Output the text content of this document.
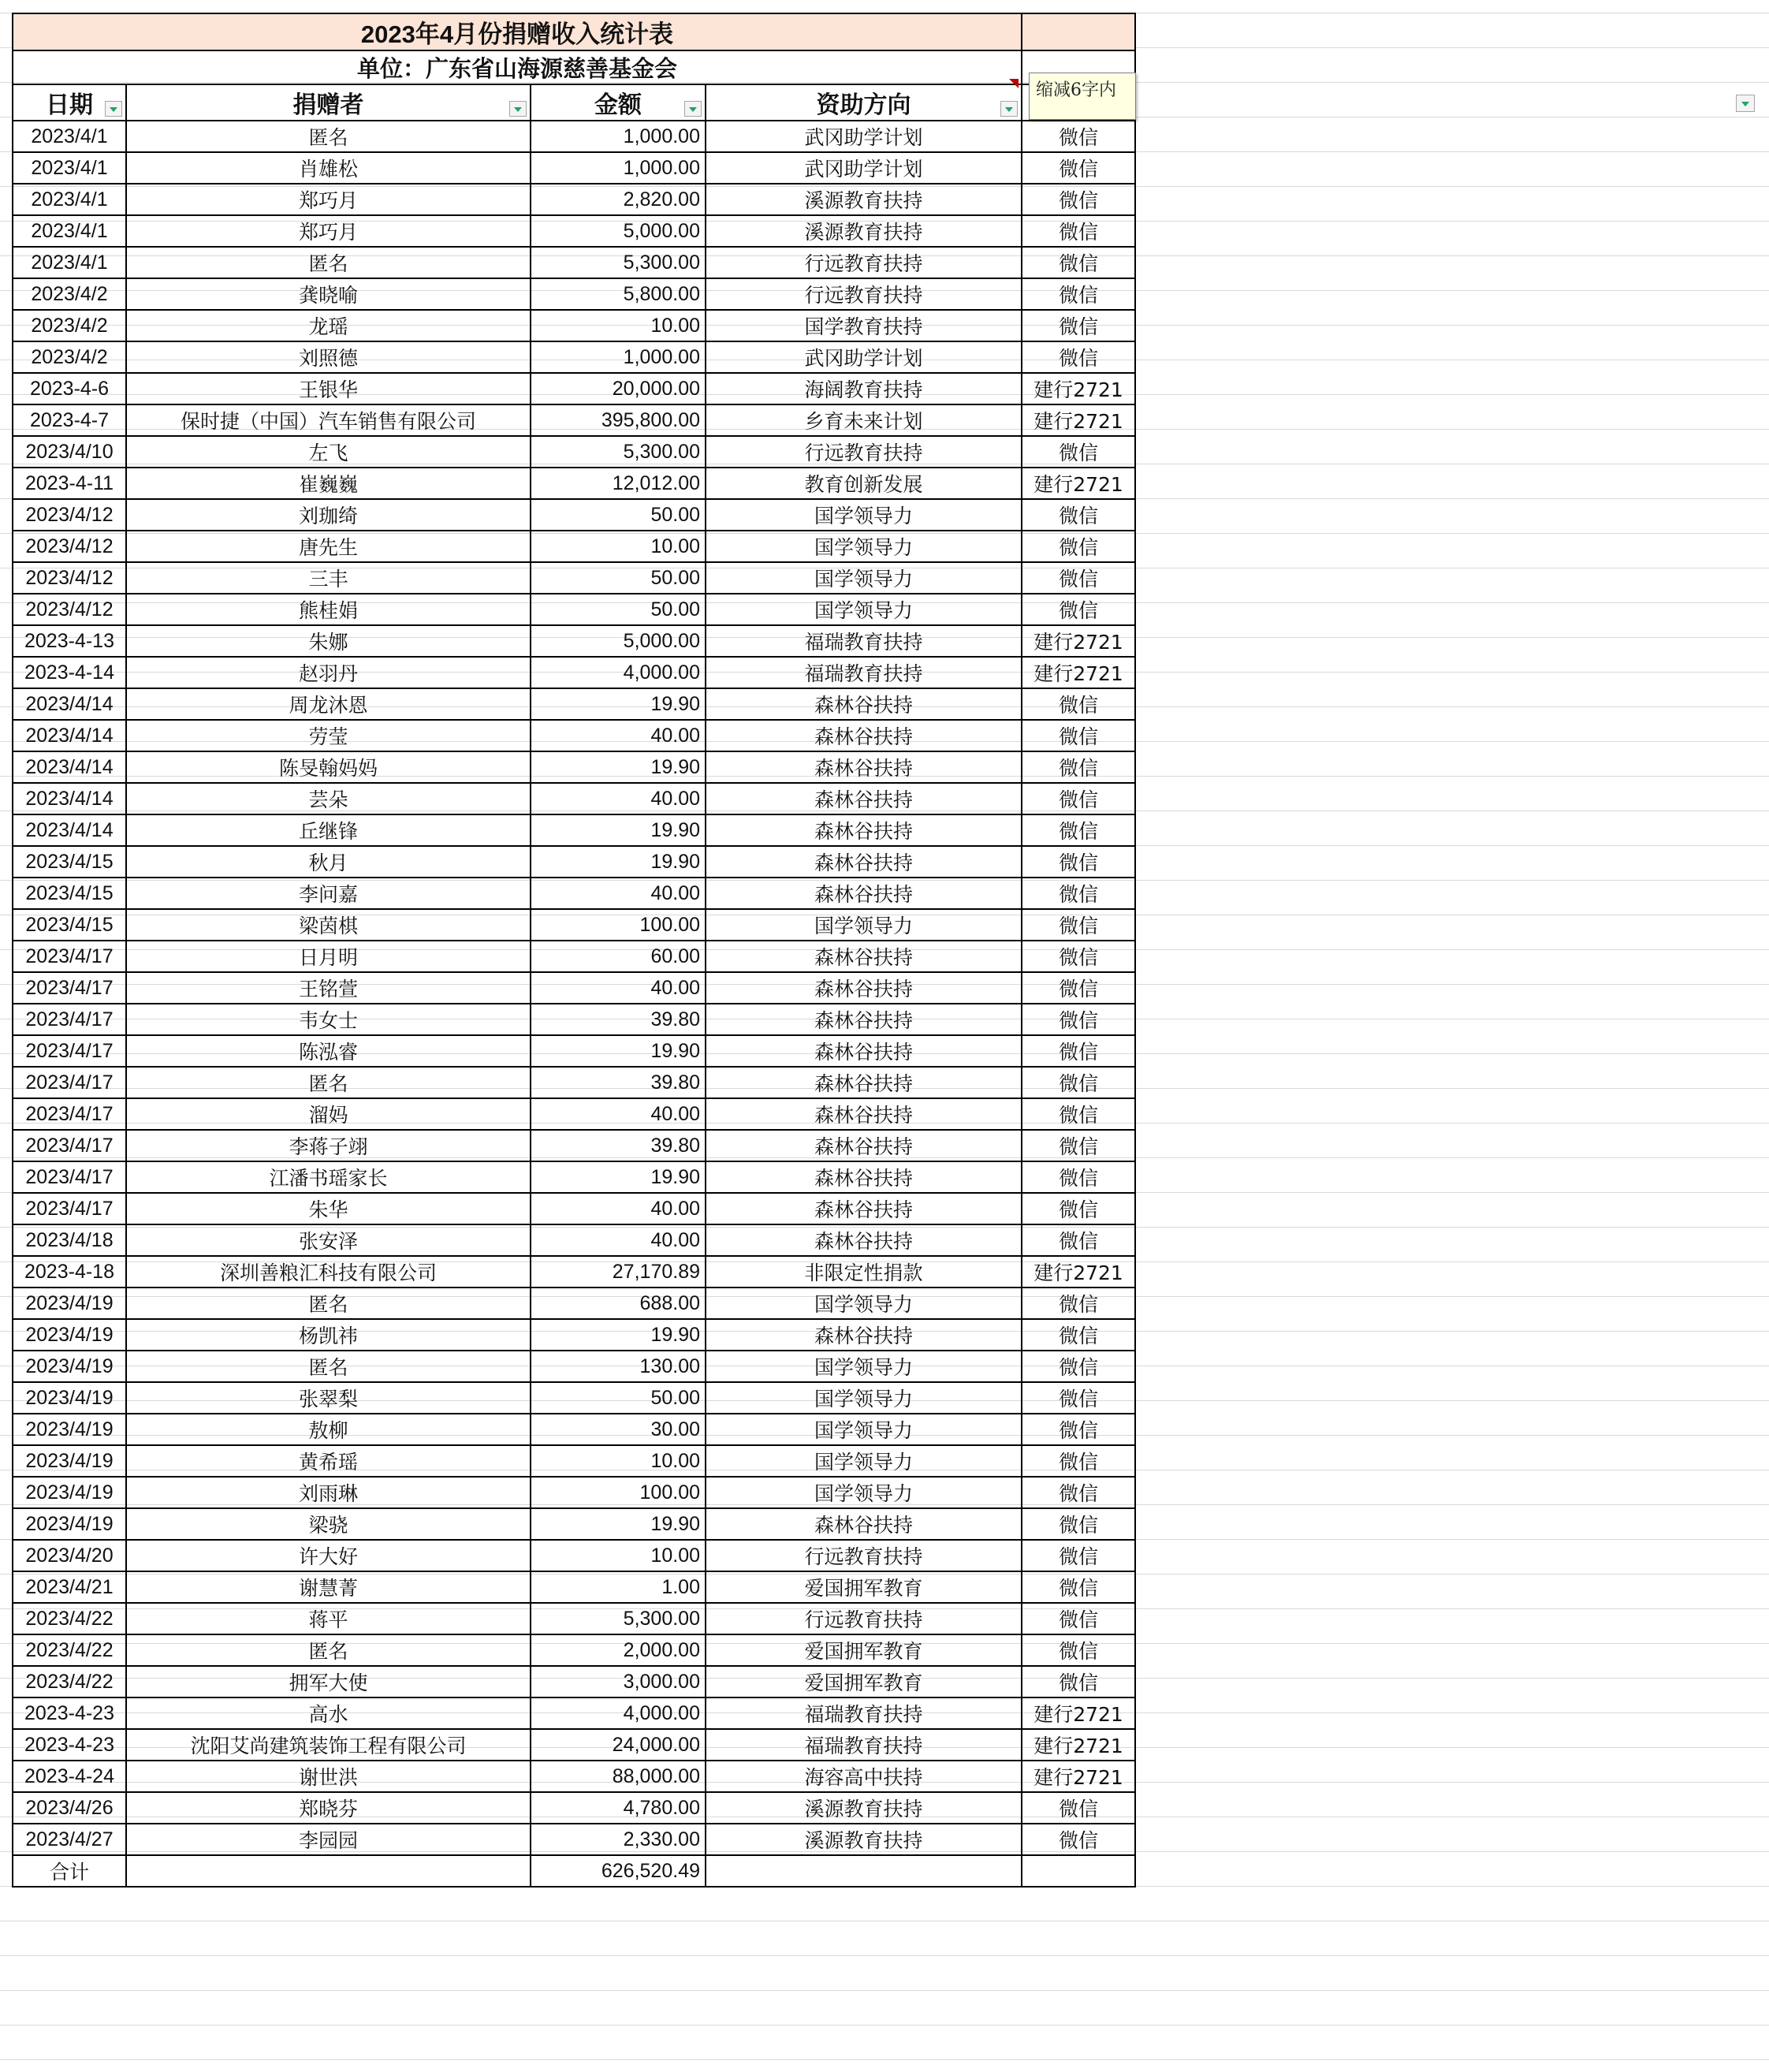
2023年4月份捐赠收入统计表				
单位：广东省山海源慈善基金会				
日期	捐赠者	金额	资助方向

2023/4/1	匿名	1,000.00	武冈助学计划	微信
2023/4/1	肖雄松	1,000.00	武冈助学计划	微信
2023/4/1	郑巧月	2,820.00	溪源教育扶持	微信
2023/4/1	郑巧月	5,000.00	溪源教育扶持	微信
2023/4/1	匿名	5,300.00	行远教育扶持	微信
2023/4/2	龚晓喻	5,800.00	行远教育扶持	微信
2023/4/2	龙瑶	10.00	国学教育扶持	微信
2023/4/2	刘照德	1,000.00	武冈助学计划	微信
2023-4-6	王银华	20,000.00	海阔教育扶持	建行2721
2023-4-7	保时捷（中国）汽车销售有限公司	395,800.00	乡育未来计划	建行2721
2023/4/10	左飞	5,300.00	行远教育扶持	微信
2023-4-11	崔巍巍	12,012.00	教育创新发展	建行2721
2023/4/12	刘珈绮	50.00	国学领导力	微信
2023/4/12	唐先生	10.00	国学领导力	微信
2023/4/12	三丰	50.00	国学领导力	微信
2023/4/12	熊桂娟	50.00	国学领导力	微信
2023-4-13	朱娜	5,000.00	福瑞教育扶持	建行2721
2023-4-14	赵羽丹	4,000.00	福瑞教育扶持	建行2721
2023/4/14	周龙沐恩	19.90	森林谷扶持	微信
2023/4/14	劳莹	40.00	森林谷扶持	微信
2023/4/14	陈旻翰妈妈	19.90	森林谷扶持	微信
2023/4/14	芸朵	40.00	森林谷扶持	微信
2023/4/14	丘继锋	19.90	森林谷扶持	微信
2023/4/15	秋月	19.90	森林谷扶持	微信
2023/4/15	李问嘉	40.00	森林谷扶持	微信
2023/4/15	梁茵棋	100.00	国学领导力	微信
2023/4/17	日月明	60.00	森林谷扶持	微信
2023/4/17	王铭萱	40.00	森林谷扶持	微信
2023/4/17	韦女士	39.80	森林谷扶持	微信
2023/4/17	陈泓睿	19.90	森林谷扶持	微信
2023/4/17	匿名	39.80	森林谷扶持	微信
2023/4/17	溜妈	40.00	森林谷扶持	微信
2023/4/17	李蒋子翊	39.80	森林谷扶持	微信
2023/4/17	江潘书瑶家长	19.90	森林谷扶持	微信
2023/4/17	朱华	40.00	森林谷扶持	微信
2023/4/18	张安泽	40.00	森林谷扶持	微信
2023-4-18	深圳善粮汇科技有限公司	27,170.89	非限定性捐款	建行2721
2023/4/19	匿名	688.00	国学领导力	微信
2023/4/19	杨凯祎	19.90	森林谷扶持	微信
2023/4/19	匿名	130.00	国学领导力	微信
2023/4/19	张翠梨	50.00	国学领导力	微信
2023/4/19	敖柳	30.00	国学领导力	微信
2023/4/19	黄希瑶	10.00	国学领导力	微信
2023/4/19	刘雨琳	100.00	国学领导力	微信
2023/4/19	梁骁	19.90	森林谷扶持	微信
2023/4/20	许大好	10.00	行远教育扶持	微信
2023/4/21	谢慧菁	1.00	爱国拥军教育	微信
2023/4/22	蒋平	5,300.00	行远教育扶持	微信
2023/4/22	匿名	2,000.00	爱国拥军教育	微信
2023/4/22	拥军大使	3,000.00	爱国拥军教育	微信
2023-4-23	高水	4,000.00	福瑞教育扶持	建行2721
2023-4-23	沈阳艾尚建筑装饰工程有限公司	24,000.00	福瑞教育扶持	建行2721
2023-4-24	谢世洪	88,000.00	海容高中扶持	建行2721
2023/4/26	郑晓芬	4,780.00	溪源教育扶持	微信
2023/4/27	李园园	2,330.00	溪源教育扶持	微信
合计		626,520.49		
缩减6字内
